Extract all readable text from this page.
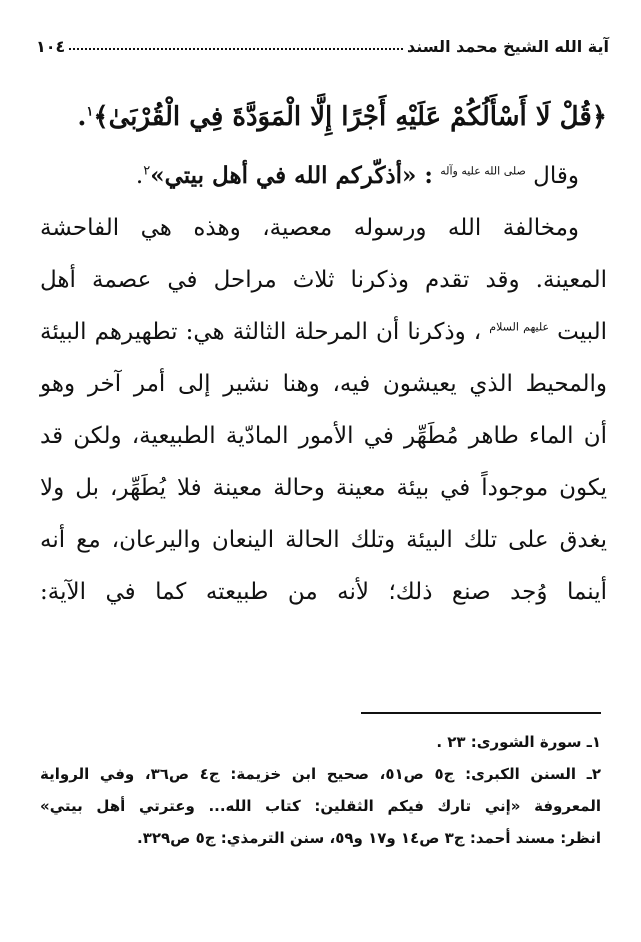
آية الله الشيخ محمد السند
١٠٤
﴿قُلْ لَا أَسْأَلُكُمْ عَلَيْهِ أَجْرًا إِلَّا الْمَوَدَّةَ فِي الْقُرْبَىٰ﴾$^١$.
وقال $^{صلى الله عليه وآله}$ : «أذكّركم الله في أهل بيتي»$^٢$.
ومخالفة الله ورسوله معصية، وهذه هي الفاحشة
المعينة. وقد تقدم وذكرنا ثلاث مراحل في عصمة أهل
البيت $^{عليهم السلام}$ ، وذكرنا أن المرحلة الثالثة هي: تطهيرهم البيئة
والمحيط الذي يعيشون فيه، وهنا نشير إلى أمر آخر وهو
أن الماء طاهر مُطَهِّر في الأمور المادّية الطبيعية، ولكن قد
يكون موجوداً في بيئة معينة وحالة معينة فلا يُطَهِّر، بل ولا
يغدق على تلك البيئة وتلك الحالة الينعان واليرعان، مع أنه
أينما وُجد صنع ذلك؛ لأنه من طبيعته كما في الآية:
١ـ سورة الشورى: ٢٣ .
٢ـ السنن الكبرى: ج٥ ص٥١، صحيح ابن خزيمة: ج٤ ص٣٦، وفي الرواية
المعروفة «إني تارك فيكم الثقلين: كتاب الله... وعترتي أهل بيتي»
انظر: مسند أحمد: ج٣ ص١٤ و١٧ و٥٩، سنن الترمذي: ج٥ ص٣٢٩.
